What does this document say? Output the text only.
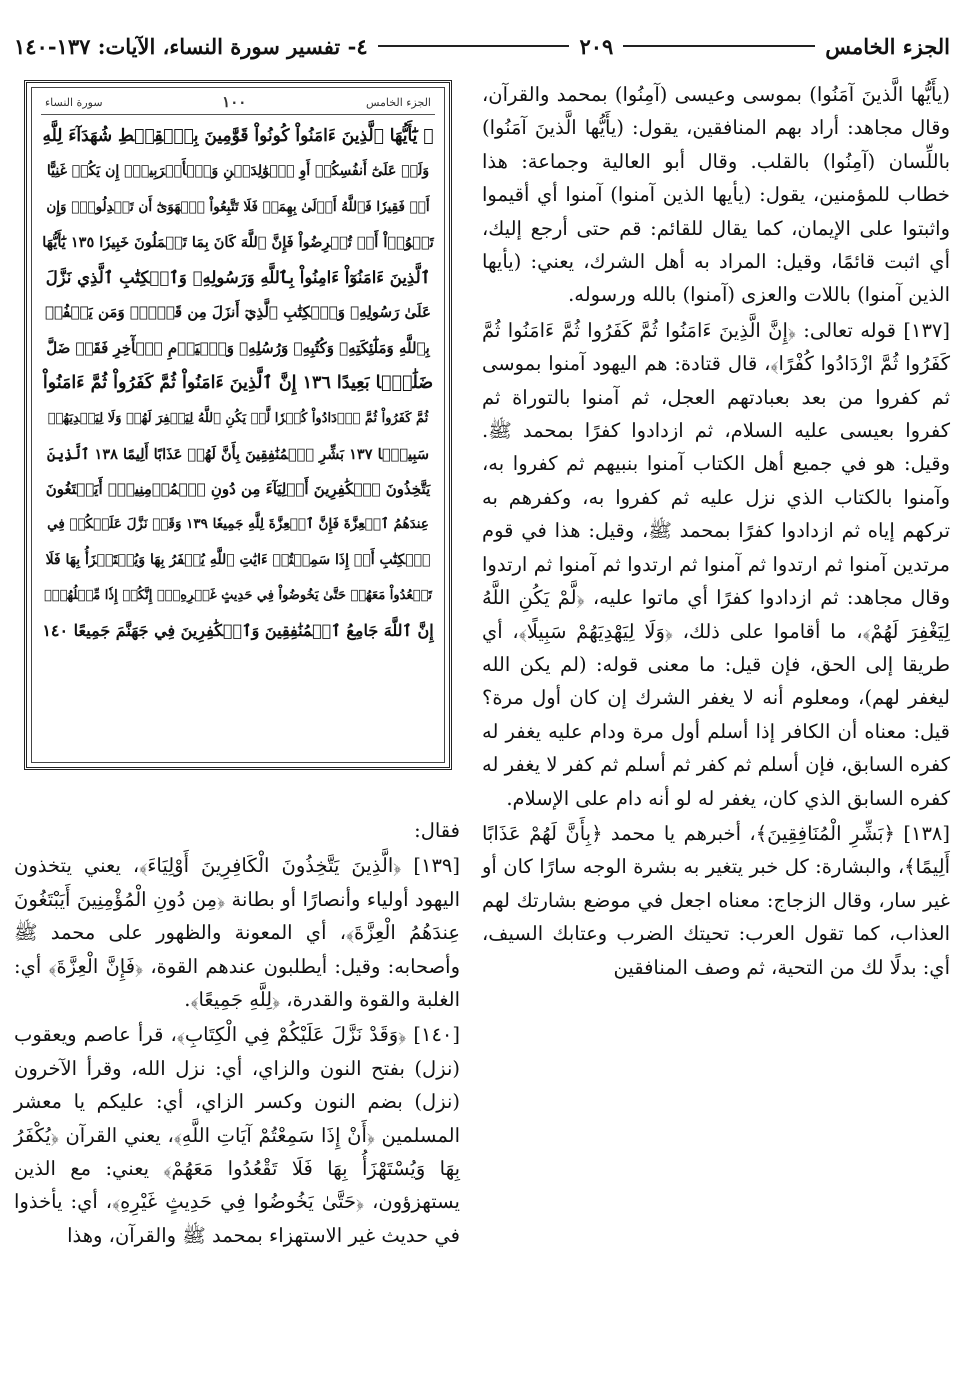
الجزء الخامس
٢٠٩
٤- تفسير سورة النساء، الآيات: ١٣٧-١٤٠

(يأَيُّها الَّذينَ آمَنُوا) بموسى وعيسى (آمِنُوا) بمحمد والقرآن، وقال مجاهد: أراد بهم المنافقين، يقول: (يأَيُّها الَّذينَ آمَنُوا) باللِّسان (آمِنُوا) بالقلب. وقال أبو العالية وجماعة: هذا خطاب للمؤمنين، يقول: (يأيها الذين آمنوا) آمنوا أي أقيموا واثبتوا على الإيمان، كما يقال للقائم: قم حتى أرجع إليك، أي اثبت قائمًا، وقيل: المراد به أهل الشرك، يعني: (يأيها الذين آمنوا) باللات والعزى (آمنوا) بالله ورسوله.

[١٣٧] قوله تعالى: ﴿إِنَّ الَّذِينَ ءَامَنُوا ثُمَّ كَفَرُوا ثُمَّ ءَامَنُوا ثُمَّ كَفَرُوا ثُمَّ ازْدَادُوا كُفْرًا﴾، قال قتادة: هم اليهود آمنوا بموسى ثم كفروا من بعد بعبادتهم العجل، ثم آمنوا بالتوراة ثم كفروا بعيسى عليه السلام، ثم ازدادوا كفرًا بمحمد ﷺ. وقيل: هو في جميع أهل الكتاب آمنوا بنبيهم ثم كفروا به، وآمنوا بالكتاب الذي نزل عليه ثم كفروا به، وكفرهم به تركهم إياه ثم ازدادوا كفرًا بمحمد ﷺ، وقيل: هذا في قوم مرتدين آمنوا ثم ارتدوا ثم آمنوا ثم ارتدوا ثم آمنوا ثم ارتدوا وقال مجاهد: ثم ازدادوا كفرًا أي ماتوا عليه، ﴿لَّمْ يَكُنِ اللَّهُ لِيَغْفِرَ لَهُمْ﴾، ما أقاموا على ذلك، ﴿وَلَا لِيَهْدِيَهُمْ سَبِيلًا﴾، أي طريقا إلى الحق، فإن قيل: ما معنى قوله: (لم يكن الله ليغفر لهم)، ومعلوم أنه لا يغفر الشرك إن كان أول مرة؟ قيل: معناه أن الكافر إذا أسلم أول مرة ودام عليه يغفر له كفره السابق، فإن أسلم ثم كفر ثم أسلم ثم كفر لا يغفر له كفره السابق الذي كان، يغفر له لو أنه دام على الإسلام.

[١٣٨] ﴿بَشِّرِ الْمُنَافِقِينَ﴾، أخبرهم يا محمد ﴿بِأَنَّ لَهُمْ عَذَابًا أَلِيمًا﴾، والبشارة: كل خبر يتغير به بشرة الوجه سارًا كان أو غير سار، وقال الزجاج: معناه اجعل في موضع بشارتك لهم العذاب، كما تقول العرب: تحيتك الضرب وعتابك السيف، أي: بدلًا لك من التحية، ثم وصف المنافقين

الجزء الخامس
١٠٠
سورة النساء
۞ يَٰٓأَيُّهَا ٱلَّذِينَ ءَامَنُواْ كُونُواْ قَوَّٰمِينَ بِٱلۡقِسۡطِ شُهَدَآءَ لِلَّهِ
وَلَوۡ عَلَىٰٓ أَنفُسِكُمۡ أَوِ ٱلۡوَٰلِدَيۡنِ وَٱلۡأَقۡرَبِينَۚ إِن يَكُنۡ غَنِيًّا
أَوۡ فَقِيرٗا فَٱللَّهُ أَوۡلَىٰ بِهِمَاۖ فَلَا تَتَّبِعُواْ ٱلۡهَوَىٰٓ أَن تَعۡدِلُواْۚ وَإِن
تَلۡوُۥٓاْ أَوۡ تُعۡرِضُواْ فَإِنَّ ٱللَّهَ كَانَ بِمَا تَعۡمَلُونَ خَبِيرٗا ١٣٥ يَٰٓأَيُّهَا
ٱلَّذِينَ ءَامَنُوٓاْ ءَامِنُواْ بِٱللَّهِ وَرَسُولِهِۦ وَٱلۡكِتَٰبِ ٱلَّذِي نَزَّلَ
عَلَىٰ رَسُولِهِۦ وَٱلۡكِتَٰبِ ٱلَّذِيٓ أَنزَلَ مِن قَبۡلُۚ وَمَن يَكۡفُرۡ
بِٱللَّهِ وَمَلَٰٓئِكَتِهِۦ وَكُتُبِهِۦ وَرُسُلِهِۦ وَٱلۡيَوۡمِ ٱلۡأٓخِرِ فَقَدۡ ضَلَّ
ضَلَٰلَۢا بَعِيدًا ١٣٦ إِنَّ ٱلَّذِينَ ءَامَنُواْ ثُمَّ كَفَرُواْ ثُمَّ ءَامَنُواْ
ثُمَّ كَفَرُواْ ثُمَّ ٱزۡدَادُواْ كُفۡرٗا لَّمۡ يَكُنِ ٱللَّهُ لِيَغۡفِرَ لَهُمۡ وَلَا لِيَهۡدِيَهُمۡ
سَبِيلَۢا ١٣٧ بَشِّرِ ٱلۡمُنَٰفِقِينَ بِأَنَّ لَهُمۡ عَذَابًا أَلِيمًا ١٣٨ ٱلَّذِينَ
يَتَّخِذُونَ ٱلۡكَٰفِرِينَ أَوۡلِيَآءَ مِن دُونِ ٱلۡمُؤۡمِنِينَۚ أَيَبۡتَغُونَ
عِندَهُمُ ٱلۡعِزَّةَ فَإِنَّ ٱلۡعِزَّةَ لِلَّهِ جَمِيعٗا ١٣٩ وَقَدۡ نَزَّلَ عَلَيۡكُمۡ فِي
ٱلۡكِتَٰبِ أَنۡ إِذَا سَمِعۡتُمۡ ءَايَٰتِ ٱللَّهِ يُكۡفَرُ بِهَا وَيُسۡتَهۡزَأُ بِهَا فَلَا
تَقۡعُدُواْ مَعَهُمۡ حَتَّىٰ يَخُوضُواْ فِي حَدِيثٍ غَيۡرِهِۦٓۚ إِنَّكُمۡ إِذٗا مِّثۡلُهُمۡۗ
إِنَّ ٱللَّهَ جَامِعُ ٱلۡمُنَٰفِقِينَ وَٱلۡكَٰفِرِينَ فِي جَهَنَّمَ جَمِيعًا ١٤٠

فقال:

[١٣٩] ﴿الَّذِينَ يَتَّخِذُونَ الْكَافِرِينَ أَوْلِيَاءَ﴾، يعني يتخذون اليهود أولياء وأنصارًا أو بطانة ﴿مِن دُونِ الْمُؤْمِنِينَ أَيَبْتَغُونَ عِندَهُمُ الْعِزَّةَ﴾، أي المعونة والظهور على محمد ﷺ وأصحابه: وقيل: أيطلبون عندهم القوة، ﴿فَإِنَّ الْعِزَّةَ﴾ أي: الغلبة والقوة والقدرة، ﴿لِلَّهِ جَمِيعًا﴾.

[١٤٠] ﴿وَقَدْ نَزَّلَ عَلَيْكُمْ فِي الْكِتَابِ﴾، قرأ عاصم ويعقوب (نزل) بفتح النون والزاي، أي: نزل الله، وقرأ الآخرون (نزل) بضم النون وكسر الزاي، أي: عليكم يا معشر المسلمين ﴿أَنْ إِذَا سَمِعْتُمْ آيَاتِ اللَّهِ﴾، يعني القرآن ﴿يُكْفَرُ بِهَا وَيُسْتَهْزَأُ بِهَا فَلَا تَقْعُدُوا مَعَهُمْ﴾ يعني: مع الذين يستهزؤون، ﴿حَتَّىٰ يَخُوضُوا فِي حَدِيثٍ غَيْرِهِ﴾، أي: يأخذوا في حديث غير الاستهزاء بمحمد ﷺ والقرآن، وهذا
